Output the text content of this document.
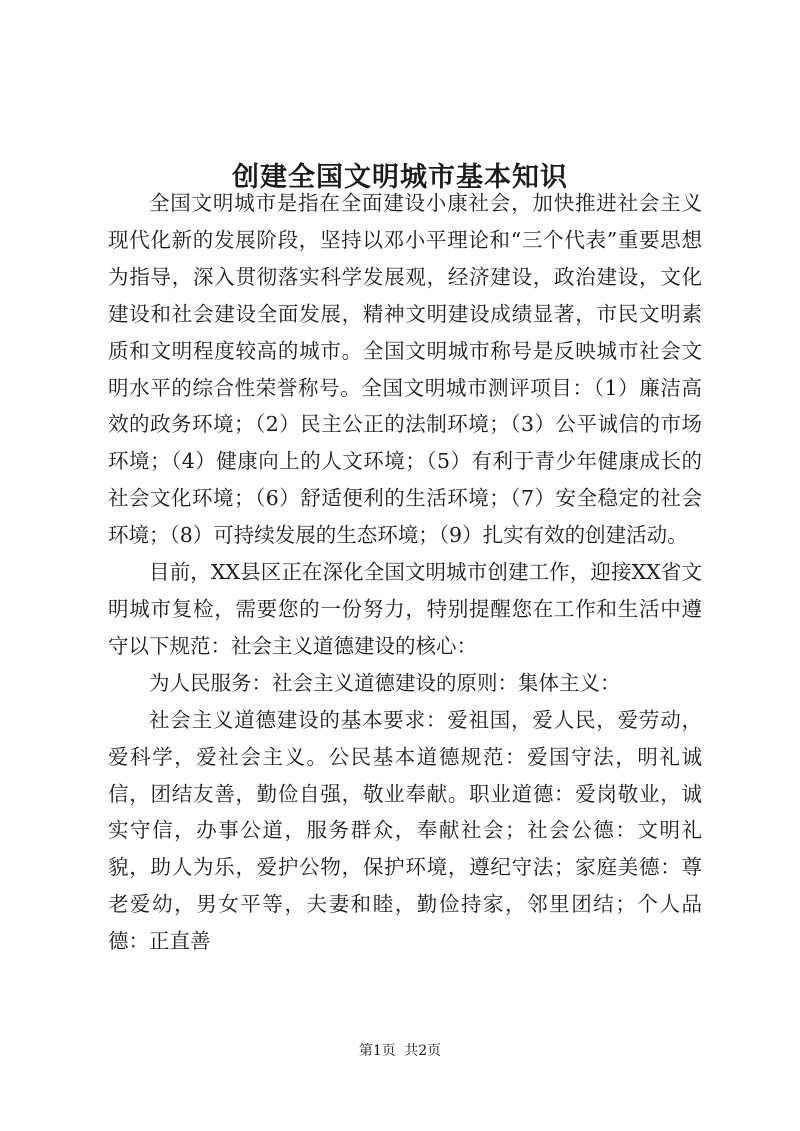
创建全国文明城市基本知识

全国文明城市是指在全面建设小康社会，加快推进社会主义现代化新的发展阶段，坚持以邓小平理论和“三个代表”重要思想为指导，深入贯彻落实科学发展观，经济建设，政治建设，文化建设和社会建设全面发展，精神文明建设成绩显著，市民文明素质和文明程度较高的城市。全国文明城市称号是反映城市社会文明水平的综合性荣誉称号。全国文明城市测评项目：（1）廉洁高效的政务环境；（2）民主公正的法制环境；（3）公平诚信的市场环境；（4）健康向上的人文环境；（5）有利于青少年健康成长的社会文化环境；（6）舒适便利的生活环境；（7）安全稳定的社会环境；（8）可持续发展的生态环境；（9）扎实有效的创建活动。

目前，XX县区正在深化全国文明城市创建工作，迎接XX省文明城市复检，需要您的一份努力，特别提醒您在工作和生活中遵守以下规范：社会主义道德建设的核心：

为人民服务：社会主义道德建设的原则：集体主义：

社会主义道德建设的基本要求：爱祖国，爱人民，爱劳动，爱科学，爱社会主义。公民基本道德规范：爱国守法，明礼诚信，团结友善，勤俭自强，敬业奉献。职业道德：爱岗敬业，诚实守信，办事公道，服务群众，奉献社会；社会公德：文明礼貌，助人为乐，爱护公物，保护环境，遵纪守法；家庭美德：尊老爱幼，男女平等，夫妻和睦，勤俭持家，邻里团结；个人品德：正直善

第1页 共2页
